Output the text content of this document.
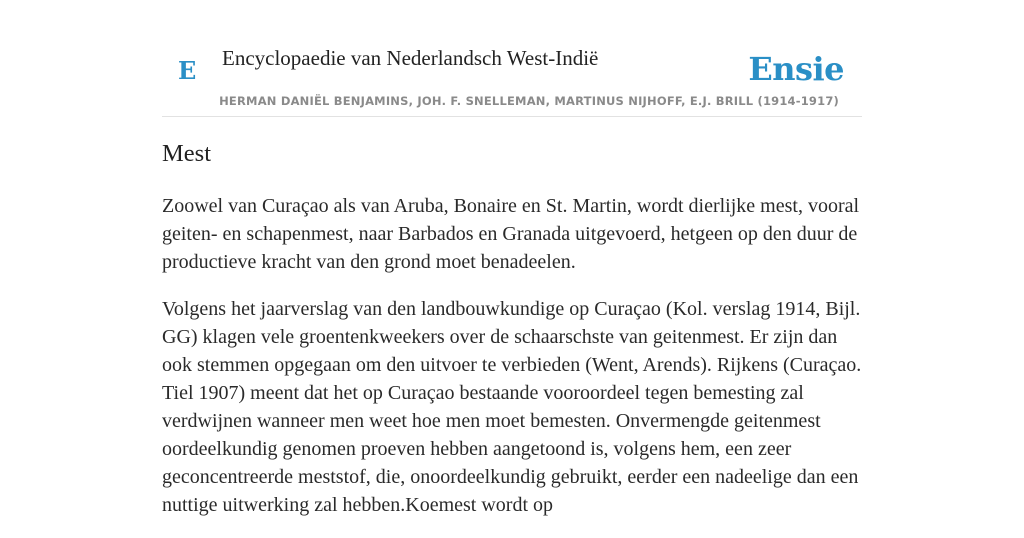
E Encyclopaedie van Nederlandsch West-Indië	Ensie
HERMAN DANIËL BENJAMINS, JOH. F. SNELLEMAN, MARTINUS NIJHOFF, E.J. BRILL (1914-1917)
Mest

Zoowel van Curaçao als van Aruba, Bonaire en St. Martin, wordt dierlijke mest, vooral geiten- en schapenmest, naar Barbados en Granada uitgevoerd, hetgeen op den duur de productieve kracht van den grond moet benadeelen.

Volgens het jaarverslag van den landbouwkundige op Curaçao (Kol. verslag 1914, Bijl. GG) klagen vele groentenkweekers over de schaarschste van geitenmest. Er zijn dan ook stemmen opgegaan om den uitvoer te verbieden (Went, Arends). Rijkens (Curaçao. Tiel 1907) meent dat het op Curaçao bestaande vooroordeel tegen bemesting zal verdwijnen wanneer men weet hoe men moet bemesten. Onvermengde geitenmest oordeelkundig genomen proeven hebben aangetoond is, volgens hem, een zeer geconcentreerde meststof, die, onoordeelkundig gebruikt, eerder een nadeelige dan een nuttige uitwerking zal hebben.Koemest wordt op
